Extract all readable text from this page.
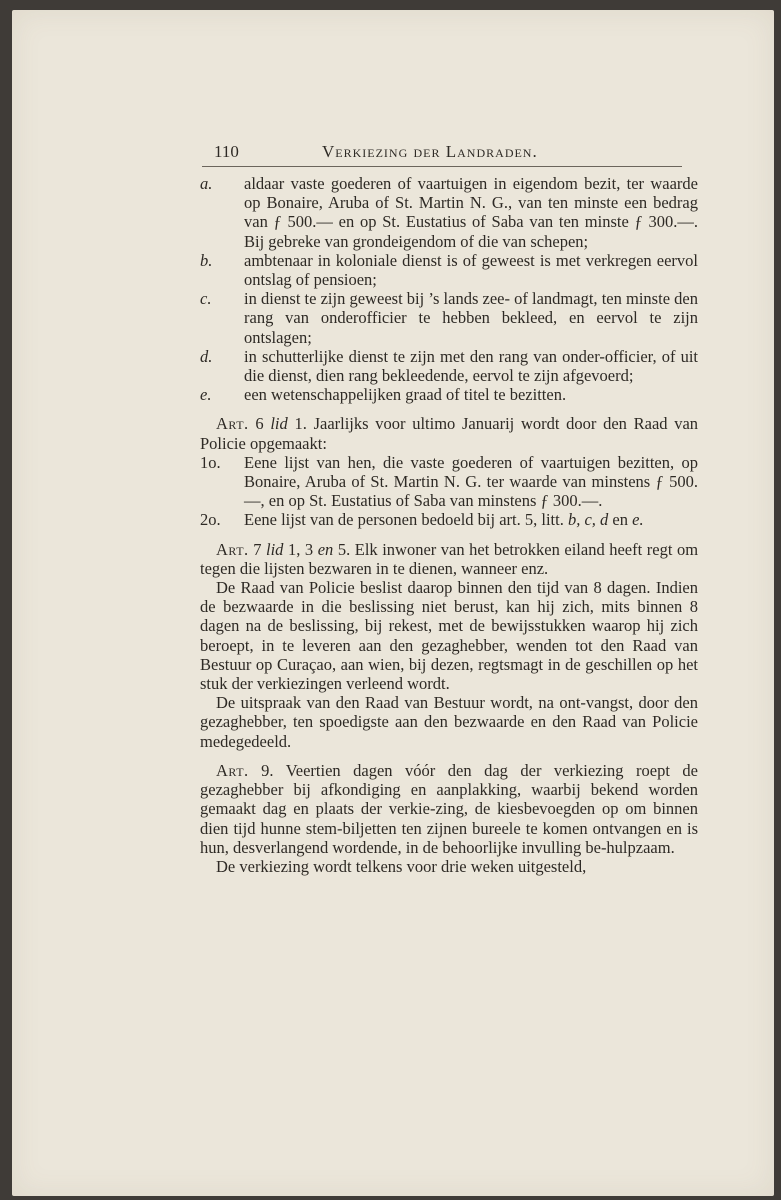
110	Verkiezing der Landraden.
a. aldaar vaste goederen of vaartuigen in eigendom bezit, ter waarde op Bonaire, Aruba of St. Martin N. G., van ten minste een bedrag van ƒ 500.— en op St. Eustatius of Saba van ten minste ƒ 300.—. Bij gebreke van grondeigendom of die van schepen;
b. ambtenaar in koloniale dienst is of geweest is met verkregen eervol ontslag of pensioen;
c. in dienst te zijn geweest bij ’s lands zee- of landmagt, ten minste den rang van onderofficier te hebben bekleed, en eervol te zijn ontslagen;
d. in schutterlijke dienst te zijn met den rang van onder-officier, of uit die dienst, dien rang bekleedende, eervol te zijn afgevoerd;
e. een wetenschappelijken graad of titel te bezitten.
Art. 6 lid 1. Jaarlijks voor ultimo Januarij wordt door den Raad van Policie opgemaakt:
1o. Eene lijst van hen, die vaste goederen of vaartuigen bezitten, op Bonaire, Aruba of St. Martin N. G. ter waarde van minstens ƒ 500.—, en op St. Eustatius of Saba van minstens ƒ 300.—.
2o. Eene lijst van de personen bedoeld bij art. 5, litt. b, c, d en e.
Art. 7 lid 1, 3 en 5. Elk inwoner van het betrokken eiland heeft regt om tegen die lijsten bezwaren in te dienen, wanneer enz.
De Raad van Policie beslist daarop binnen den tijd van 8 dagen. Indien de bezwaarde in die beslissing niet berust, kan hij zich, mits binnen 8 dagen na de beslissing, bij rekest, met de bewijsstukken waarop hij zich beroept, in te leveren aan den gezaghebber, wenden tot den Raad van Bestuur op Curaçao, aan wien, bij dezen, regtsmagt in de geschillen op het stuk der verkiezingen verleend wordt.
De uitspraak van den Raad van Bestuur wordt, na ont-vangst, door den gezaghebber, ten spoedigste aan den bezwaarde en den Raad van Policie medegedeeld.
Art. 9. Veertien dagen vóór den dag der verkiezing roept de gezaghebber bij afkondiging en aanplakking, waarbij bekend worden gemaakt dag en plaats der verkie-zing, de kiesbevoegden op om binnen dien tijd hunne stem-biljetten ten zijnen bureele te komen ontvangen en is hun, desverlangend wordende, in de behoorlijke invulling be-hulpzaam.
De verkiezing wordt telkens voor drie weken uitgesteld,
